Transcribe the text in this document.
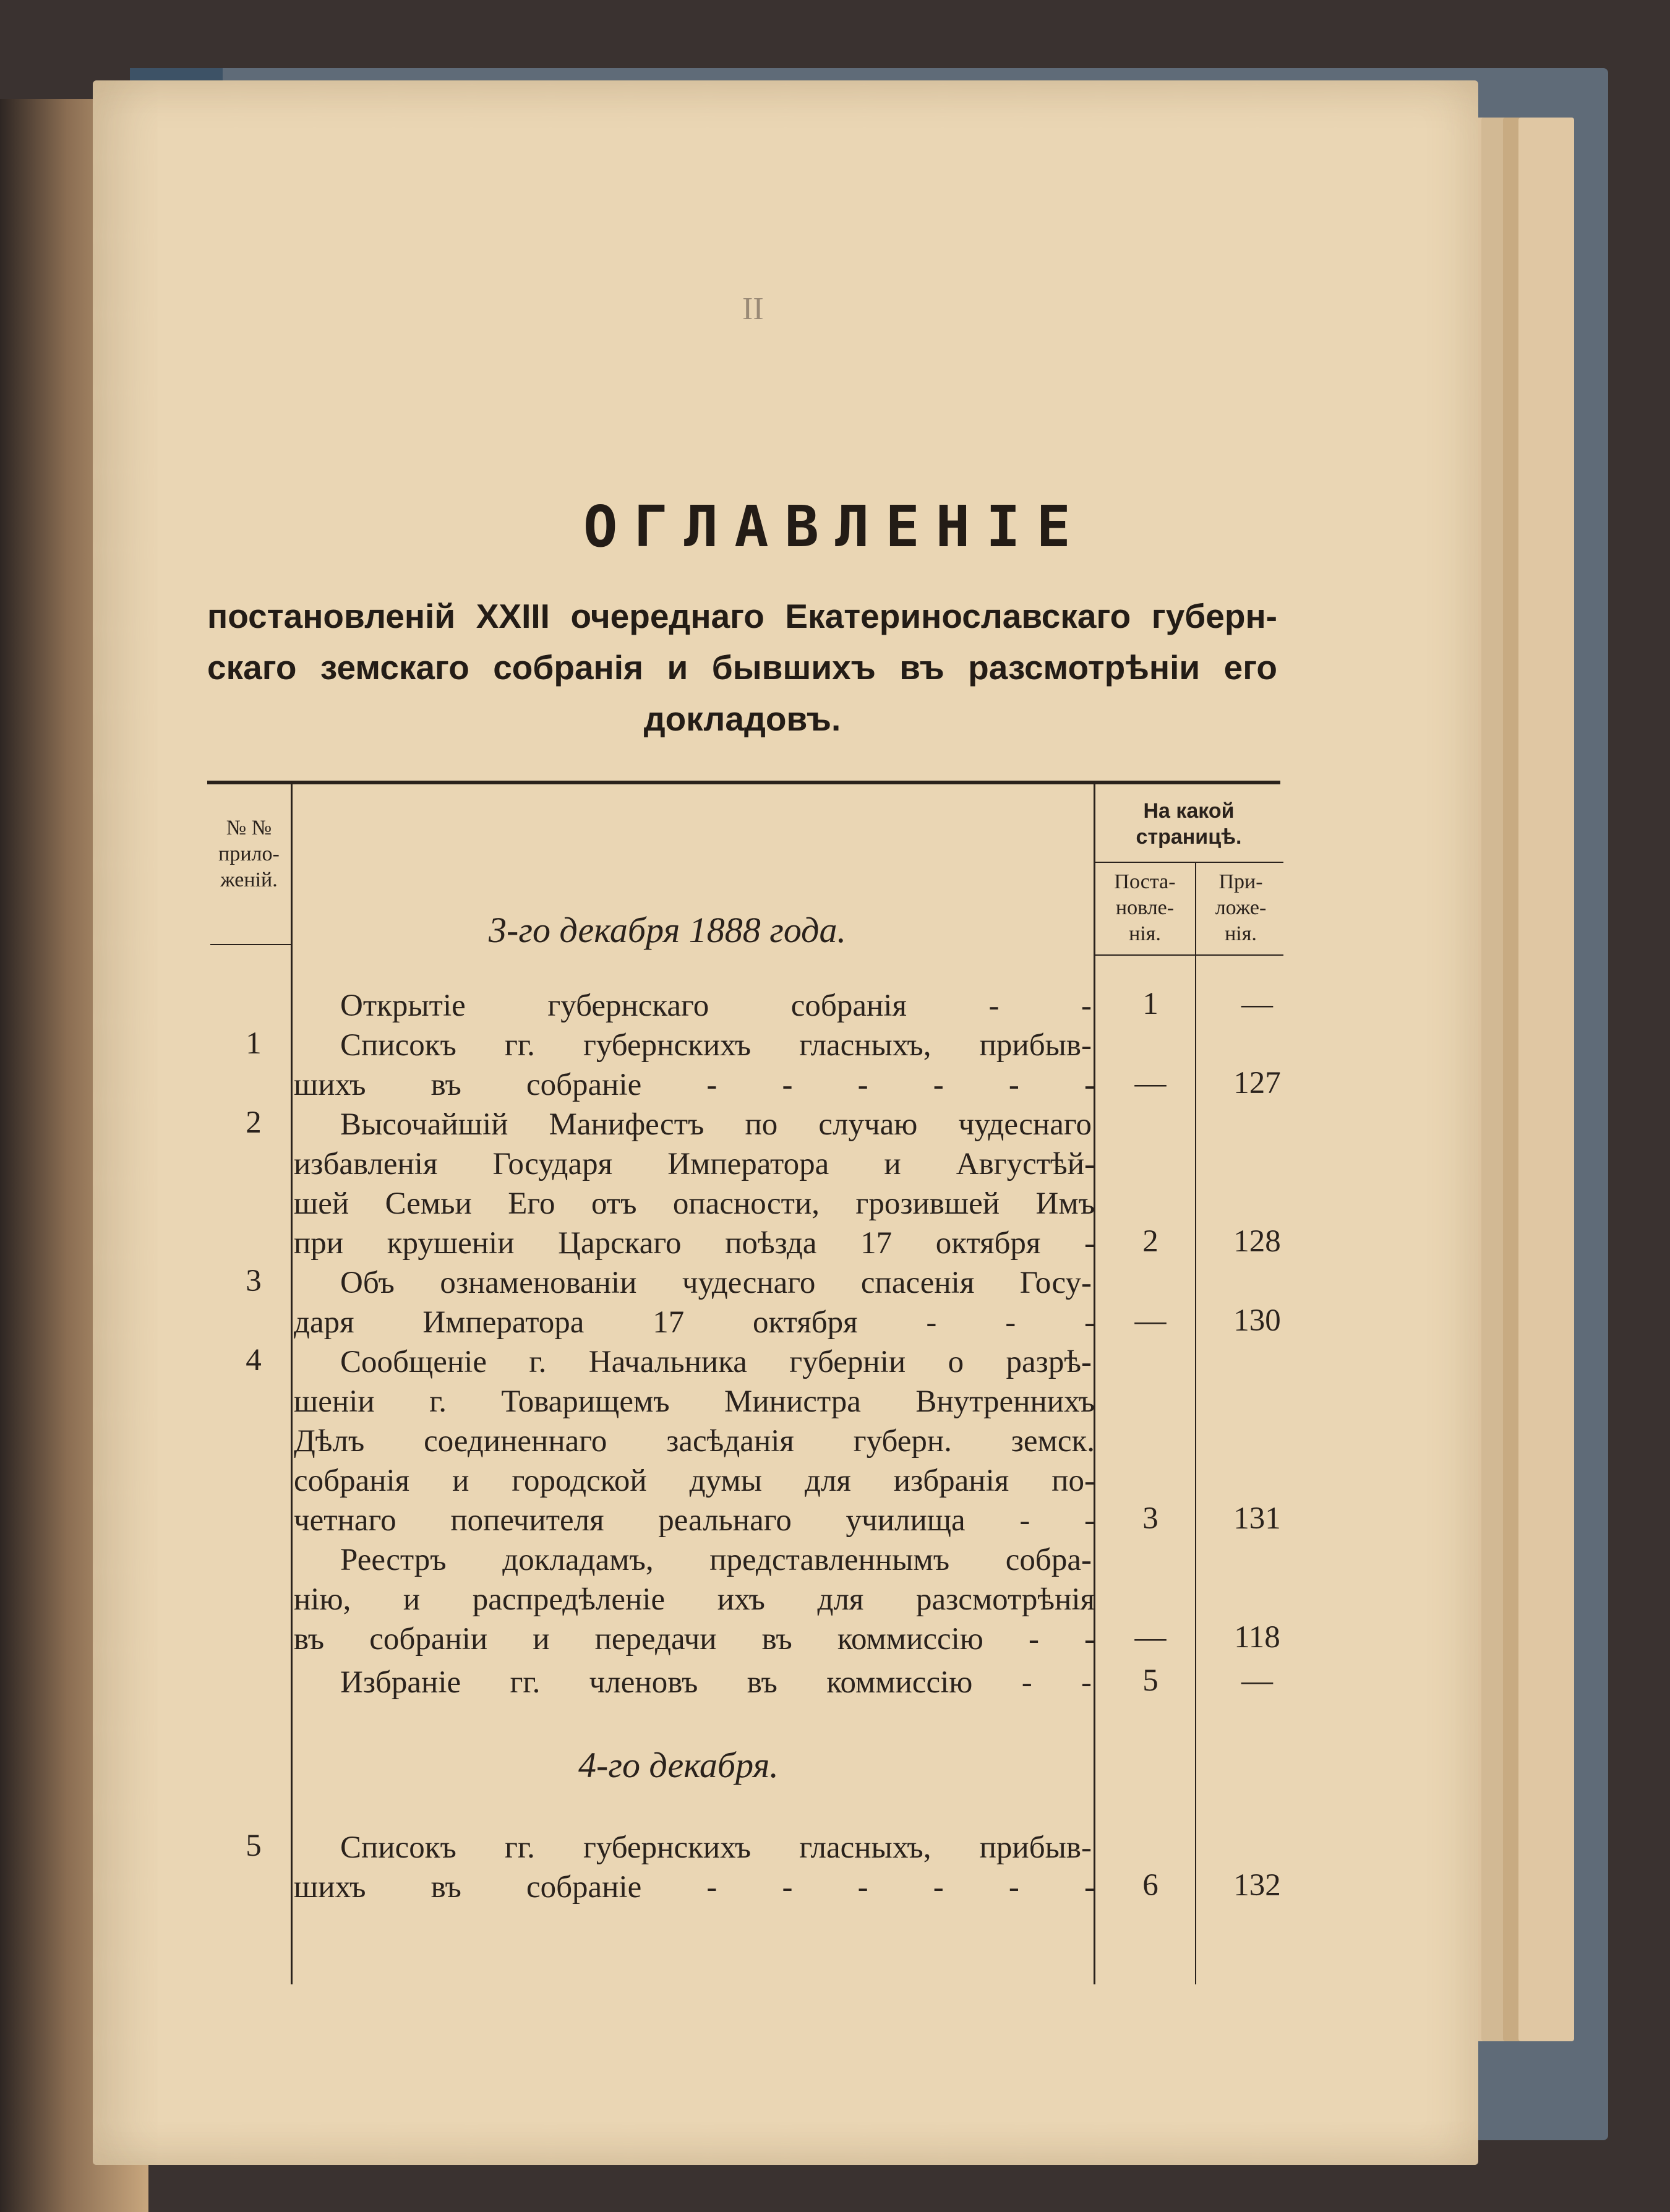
II
ОГЛАВЛЕНІЕ
постановленій XXIII очереднаго Екатеринославскаго губерн-
скаго земскаго собранія и бывшихъ въ разсмотрѣніи его
докладовъ.
№ №
прило-
женій.
На какой
страницѣ.
Поста-
новле-
нія.
При-
ложе-
нія.
3-го декабря 1888 года.
Открытіе губернскаго собранія - -	1	—
1	Списокъ гг. губернскихъ гласныхъ, прибыв-
шихъ въ собраніе - - - - - -	—	127
2	Высочайшій Манифестъ по случаю чудеснаго
избавленія Государя Императора и Августѣй-
шей Семьи Его отъ опасности, грозившей Имъ
при крушеніи Царскаго поѣзда 17 октября -	2	128
3	Объ ознаменованіи чудеснаго спасенія Госу-
даря Императора 17 октября - - -	—	130
4	Сообщеніе г. Начальника губерніи о разрѣ-
шеніи г. Товарищемъ Министра Внутреннихъ
Дѣлъ соединеннаго засѣданія губерн. земск.
собранія и городской думы для избранія по-
четнаго попечителя реальнаго училища - -	3	131
Реестръ докладамъ, представленнымъ собра-
нію, и распредѣленіе ихъ для разсмотрѣнія
въ собраніи и передачи въ коммиссію - -	—	118
Избраніе гг. членовъ въ коммиссію - -	5	—
4-го декабря.
5	Списокъ гг. губернскихъ гласныхъ, прибыв-
шихъ въ собраніе - - - - - -	6	132
